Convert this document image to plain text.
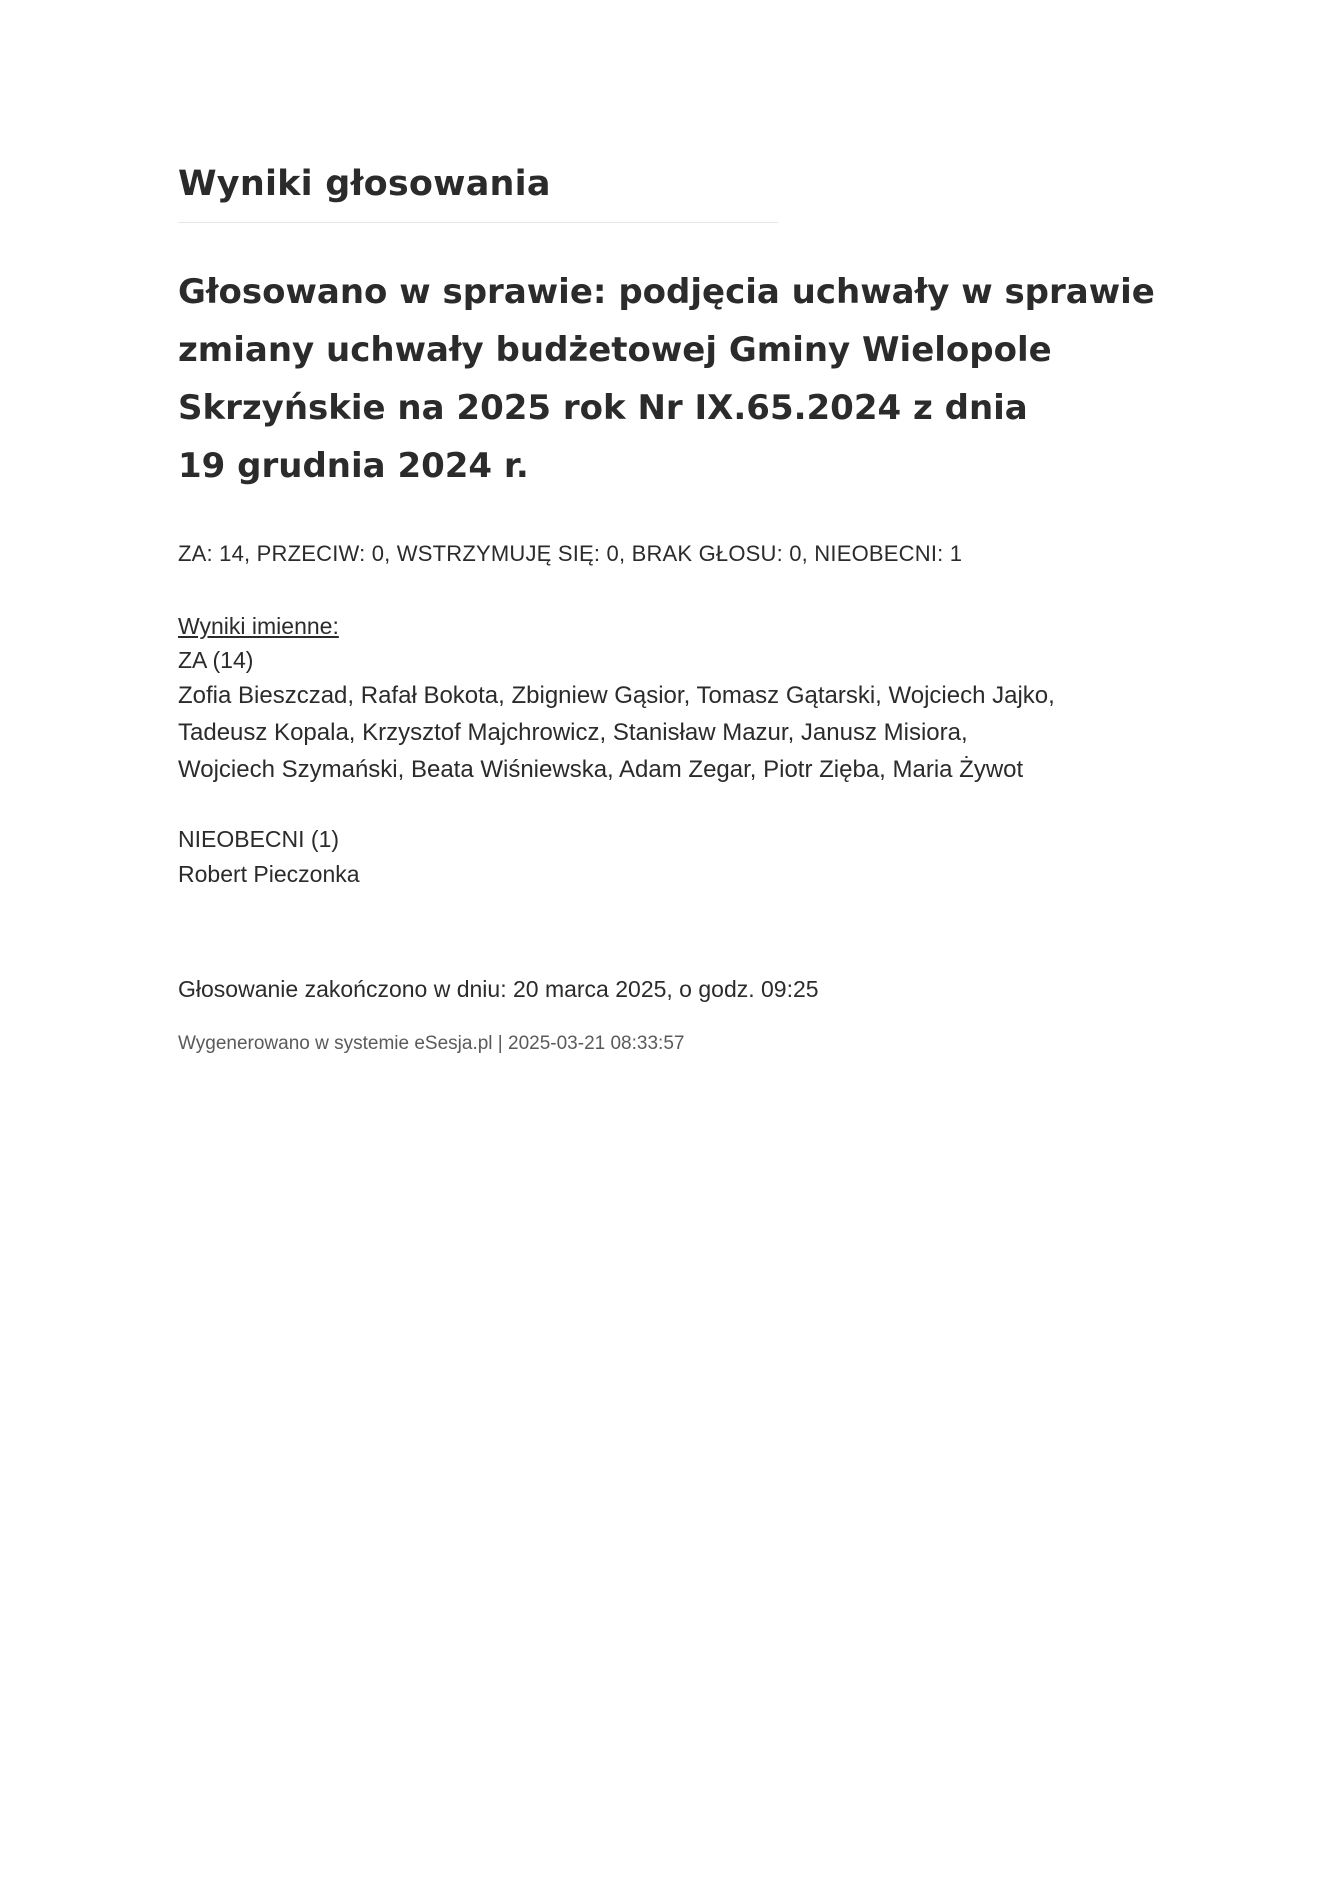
Wyniki głosowania
Głosowano w sprawie: podjęcia uchwały w sprawie
zmiany uchwały budżetowej Gminy Wielopole
Skrzyńskie na 2025 rok Nr IX.65.2024 z dnia
19 grudnia 2024 r.
ZA: 14, PRZECIW: 0, WSTRZYMUJĘ SIĘ: 0, BRAK GŁOSU: 0, NIEOBECNI: 1
Wyniki imienne:
ZA (14)
Zofia Bieszczad, Rafał Bokota, Zbigniew Gąsior, Tomasz Gątarski, Wojciech Jajko,
Tadeusz Kopala, Krzysztof Majchrowicz, Stanisław Mazur, Janusz Misiora,
Wojciech Szymański, Beata Wiśniewska, Adam Zegar, Piotr Zięba, Maria Żywot
NIEOBECNI (1)
Robert Pieczonka
Głosowanie zakończono w dniu: 20 marca 2025, o godz. 09:25
Wygenerowano w systemie eSesja.pl | 2025-03-21 08:33:57
